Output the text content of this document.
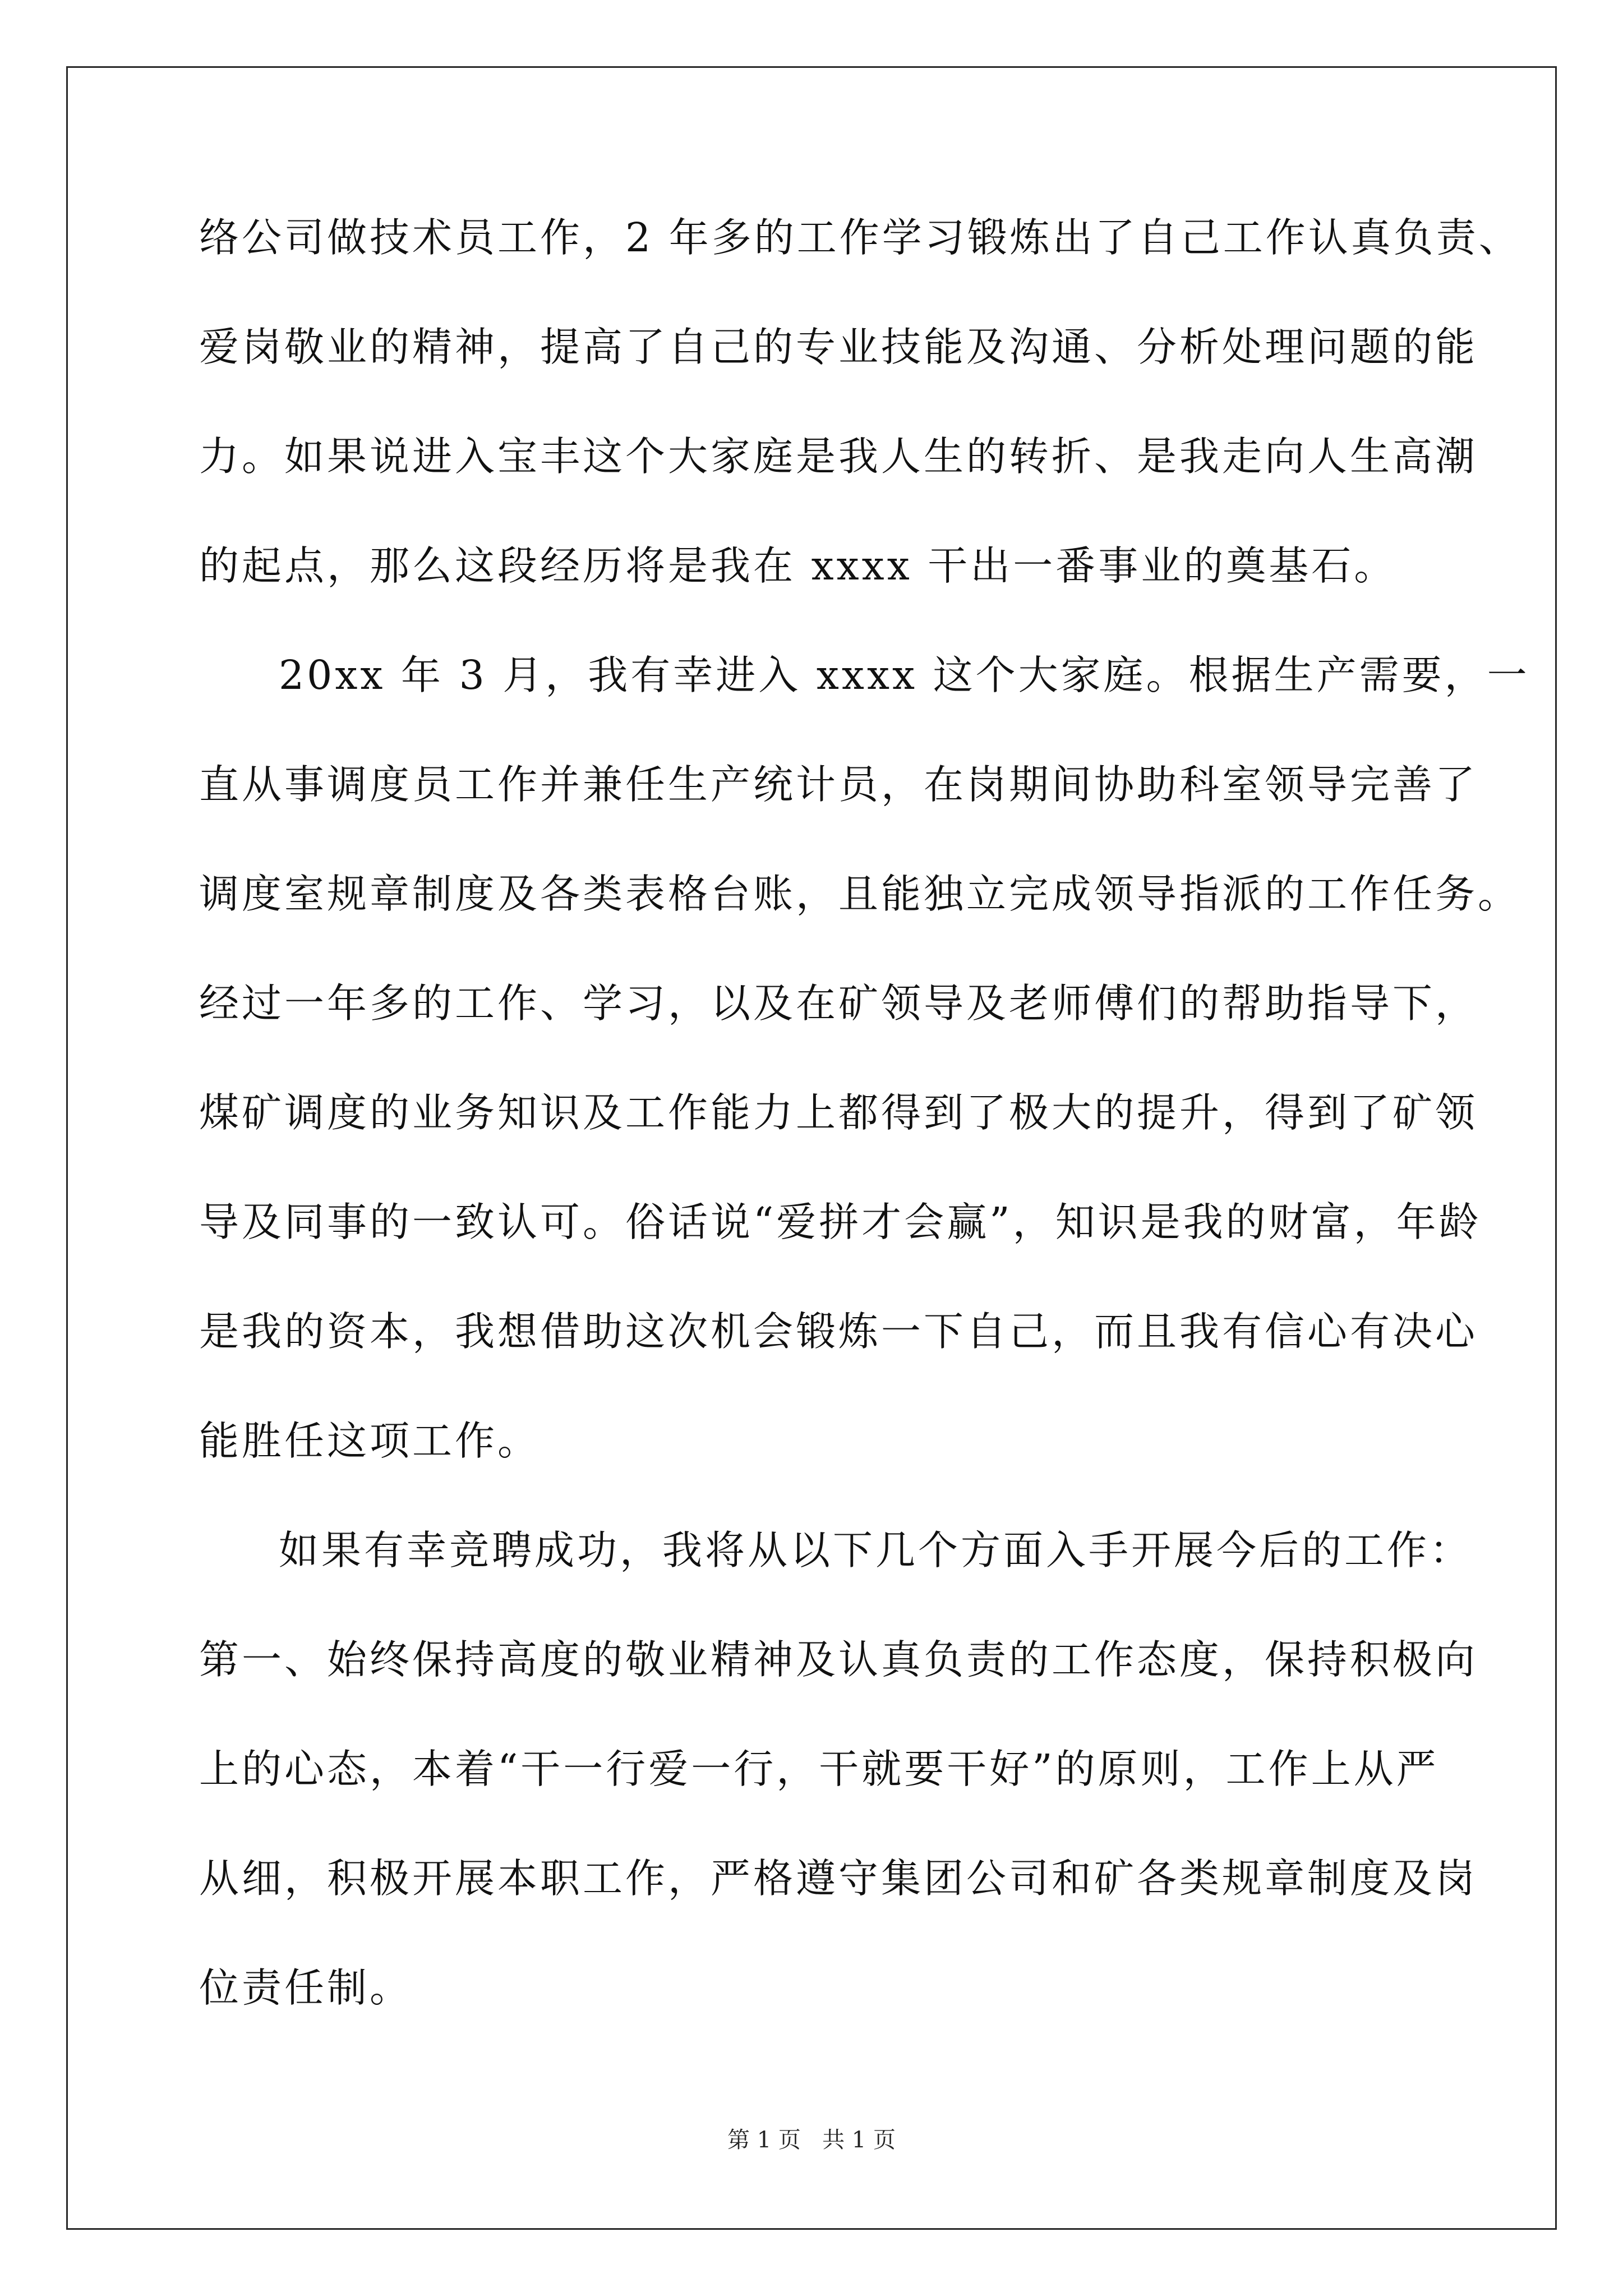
络公司做技术员工作，2 年多的工作学习锻炼出了自己工作认真负责、
爱岗敬业的精神，提高了自己的专业技能及沟通、分析处理问题的能
力。如果说进入宝丰这个大家庭是我人生的转折、是我走向人生高潮
的起点，那么这段经历将是我在 xxxx 干出一番事业的奠基石。
20xx 年 3 月，我有幸进入 xxxx 这个大家庭。根据生产需要，一
直从事调度员工作并兼任生产统计员，在岗期间协助科室领导完善了
调度室规章制度及各类表格台账，且能独立完成领导指派的工作任务。
经过一年多的工作、学习，以及在矿领导及老师傅们的帮助指导下，
煤矿调度的业务知识及工作能力上都得到了极大的提升，得到了矿领
导及同事的一致认可。俗话说“爱拼才会赢”，知识是我的财富，年龄
是我的资本，我想借助这次机会锻炼一下自己，而且我有信心有决心
能胜任这项工作。
如果有幸竞聘成功，我将从以下几个方面入手开展今后的工作：
第一、始终保持高度的敬业精神及认真负责的工作态度，保持积极向
上的心态，本着“干一行爱一行，干就要干好”的原则，工作上从严
从细，积极开展本职工作，严格遵守集团公司和矿各类规章制度及岗
位责任制。
第 1 页   共 1 页
